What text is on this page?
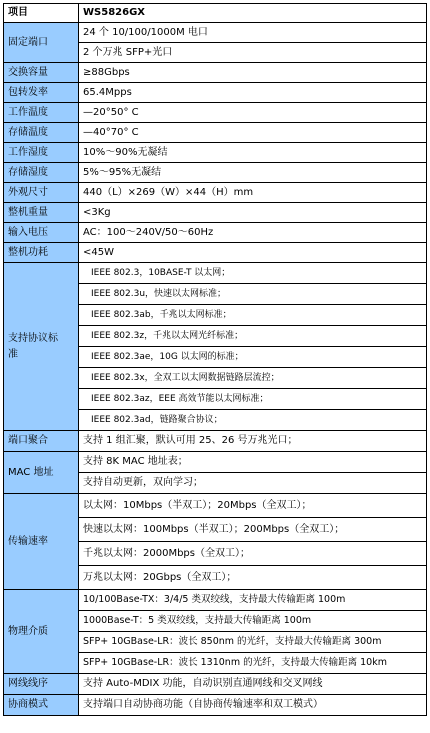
项目	WS5826GX
固定端口	24 个 10/100/1000M 电口
	2 个万兆 SFP+光口
交换容量	≥88Gbps
包转发率	65.4Mpps
工作温度	—20°50° C
存储温度	—40°70° C
工作湿度	10%～90%无凝结
存储湿度	5%～95%无凝结
外观尺寸	440（L）×269（W）×44（H）mm
整机重量	<3Kg
输入电压	AC：100～240V/50～60Hz
整机功耗	<45W
支持协议标准	IEEE 802.3，10BASE-T 以太网；
	IEEE 802.3u，快速以太网标准；
	IEEE 802.3ab，千兆以太网标准；
	IEEE 802.3z，千兆以太网光纤标准；
	IEEE 802.3ae，10G 以太网的标准；
	IEEE 802.3x，全双工以太网数据链路层流控；
	IEEE 802.3az，EEE 高效节能以太网标准；
	IEEE 802.3ad，链路聚合协议；
端口聚合	支持 1 组汇聚，默认可用 25、26 号万兆光口；
MAC 地址	支持 8K MAC 地址表；
	支持自动更新，双向学习；
传输速率	以太网：10Mbps（半双工）；20Mbps（全双工）；
	快速以太网：100Mbps（半双工）；200Mbps（全双工）；
	千兆以太网：2000Mbps（全双工）；
	万兆以太网：20Gbps（全双工）；
物理介质	10/100Base-TX：3/4/5 类双绞线，支持最大传输距离 100m
	1000Base-T：5 类双绞线，支持最大传输距离 100m
	SFP+ 10GBase-LR：波长 850nm 的光纤，支持最大传输距离 300m
	SFP+ 10GBase-LR：波长 1310nm 的光纤，支持最大传输距离 10km
网线线序	支持 Auto-MDIX 功能，自动识别直通网线和交叉网线
协商模式	支持端口自动协商功能（自协商传输速率和双工模式）
